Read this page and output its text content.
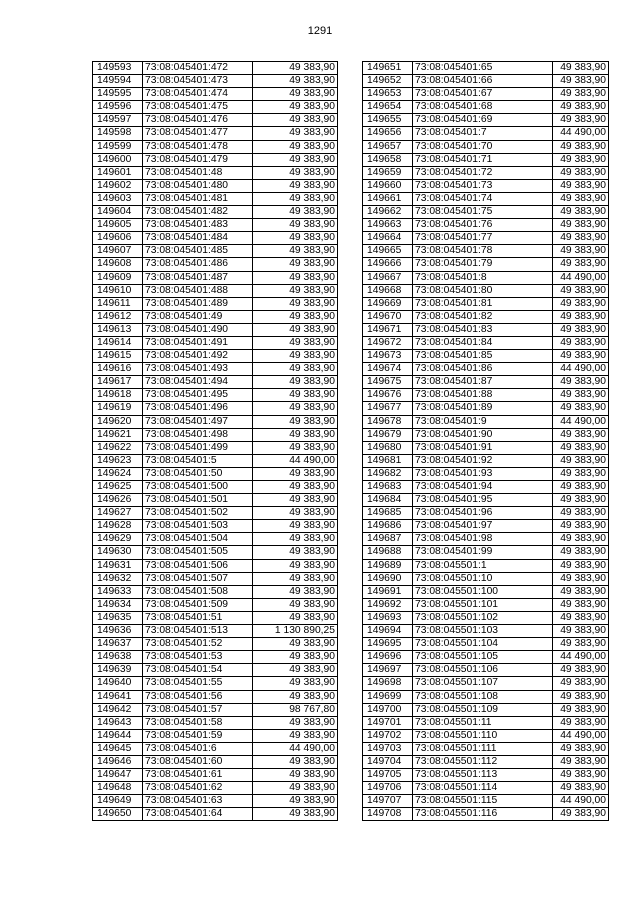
1291
149593	73:08:045401:472	49 383,90
149594	73:08:045401:473	49 383,90
149595	73:08:045401:474	49 383,90
149596	73:08:045401:475	49 383,90
149597	73:08:045401:476	49 383,90
149598	73:08:045401:477	49 383,90
149599	73:08:045401:478	49 383,90
149600	73:08:045401:479	49 383,90
149601	73:08:045401:48	49 383,90
149602	73:08:045401:480	49 383,90
149603	73:08:045401:481	49 383,90
149604	73:08:045401:482	49 383,90
149605	73:08:045401:483	49 383,90
149606	73:08:045401:484	49 383,90
149607	73:08:045401:485	49 383,90
149608	73:08:045401:486	49 383,90
149609	73:08:045401:487	49 383,90
149610	73:08:045401:488	49 383,90
149611	73:08:045401:489	49 383,90
149612	73:08:045401:49	49 383,90
149613	73:08:045401:490	49 383,90
149614	73:08:045401:491	49 383,90
149615	73:08:045401:492	49 383,90
149616	73:08:045401:493	49 383,90
149617	73:08:045401:494	49 383,90
149618	73:08:045401:495	49 383,90
149619	73:08:045401:496	49 383,90
149620	73:08:045401:497	49 383,90
149621	73:08:045401:498	49 383,90
149622	73:08:045401:499	49 383,90
149623	73:08:045401:5	44 490,00
149624	73:08:045401:50	49 383,90
149625	73:08:045401:500	49 383,90
149626	73:08:045401:501	49 383,90
149627	73:08:045401:502	49 383,90
149628	73:08:045401:503	49 383,90
149629	73:08:045401:504	49 383,90
149630	73:08:045401:505	49 383,90
149631	73:08:045401:506	49 383,90
149632	73:08:045401:507	49 383,90
149633	73:08:045401:508	49 383,90
149634	73:08:045401:509	49 383,90
149635	73:08:045401:51	49 383,90
149636	73:08:045401:513	1 130 890,25
149637	73:08:045401:52	49 383,90
149638	73:08:045401:53	49 383,90
149639	73:08:045401:54	49 383,90
149640	73:08:045401:55	49 383,90
149641	73:08:045401:56	49 383,90
149642	73:08:045401:57	98 767,80
149643	73:08:045401:58	49 383,90
149644	73:08:045401:59	49 383,90
149645	73:08:045401:6	44 490,00
149646	73:08:045401:60	49 383,90
149647	73:08:045401:61	49 383,90
149648	73:08:045401:62	49 383,90
149649	73:08:045401:63	49 383,90
149650	73:08:045401:64	49 383,90
149651	73:08:045401:65	49 383,90
149652	73:08:045401:66	49 383,90
149653	73:08:045401:67	49 383,90
149654	73:08:045401:68	49 383,90
149655	73:08:045401:69	49 383,90
149656	73:08:045401:7	44 490,00
149657	73:08:045401:70	49 383,90
149658	73:08:045401:71	49 383,90
149659	73:08:045401:72	49 383,90
149660	73:08:045401:73	49 383,90
149661	73:08:045401:74	49 383,90
149662	73:08:045401:75	49 383,90
149663	73:08:045401:76	49 383,90
149664	73:08:045401:77	49 383,90
149665	73:08:045401:78	49 383,90
149666	73:08:045401:79	49 383,90
149667	73:08:045401:8	44 490,00
149668	73:08:045401:80	49 383,90
149669	73:08:045401:81	49 383,90
149670	73:08:045401:82	49 383,90
149671	73:08:045401:83	49 383,90
149672	73:08:045401:84	49 383,90
149673	73:08:045401:85	49 383,90
149674	73:08:045401:86	44 490,00
149675	73:08:045401:87	49 383,90
149676	73:08:045401:88	49 383,90
149677	73:08:045401:89	49 383,90
149678	73:08:045401:9	44 490,00
149679	73:08:045401:90	49 383,90
149680	73:08:045401:91	49 383,90
149681	73:08:045401:92	49 383,90
149682	73:08:045401:93	49 383,90
149683	73:08:045401:94	49 383,90
149684	73:08:045401:95	49 383,90
149685	73:08:045401:96	49 383,90
149686	73:08:045401:97	49 383,90
149687	73:08:045401:98	49 383,90
149688	73:08:045401:99	49 383,90
149689	73:08:045501:1	49 383,90
149690	73:08:045501:10	49 383,90
149691	73:08:045501:100	49 383,90
149692	73:08:045501:101	49 383,90
149693	73:08:045501:102	49 383,90
149694	73:08:045501:103	49 383,90
149695	73:08:045501:104	49 383,90
149696	73:08:045501:105	44 490,00
149697	73:08:045501:106	49 383,90
149698	73:08:045501:107	49 383,90
149699	73:08:045501:108	49 383,90
149700	73:08:045501:109	49 383,90
149701	73:08:045501:11	49 383,90
149702	73:08:045501:110	44 490,00
149703	73:08:045501:111	49 383,90
149704	73:08:045501:112	49 383,90
149705	73:08:045501:113	49 383,90
149706	73:08:045501:114	49 383,90
149707	73:08:045501:115	44 490,00
149708	73:08:045501:116	49 383,90
